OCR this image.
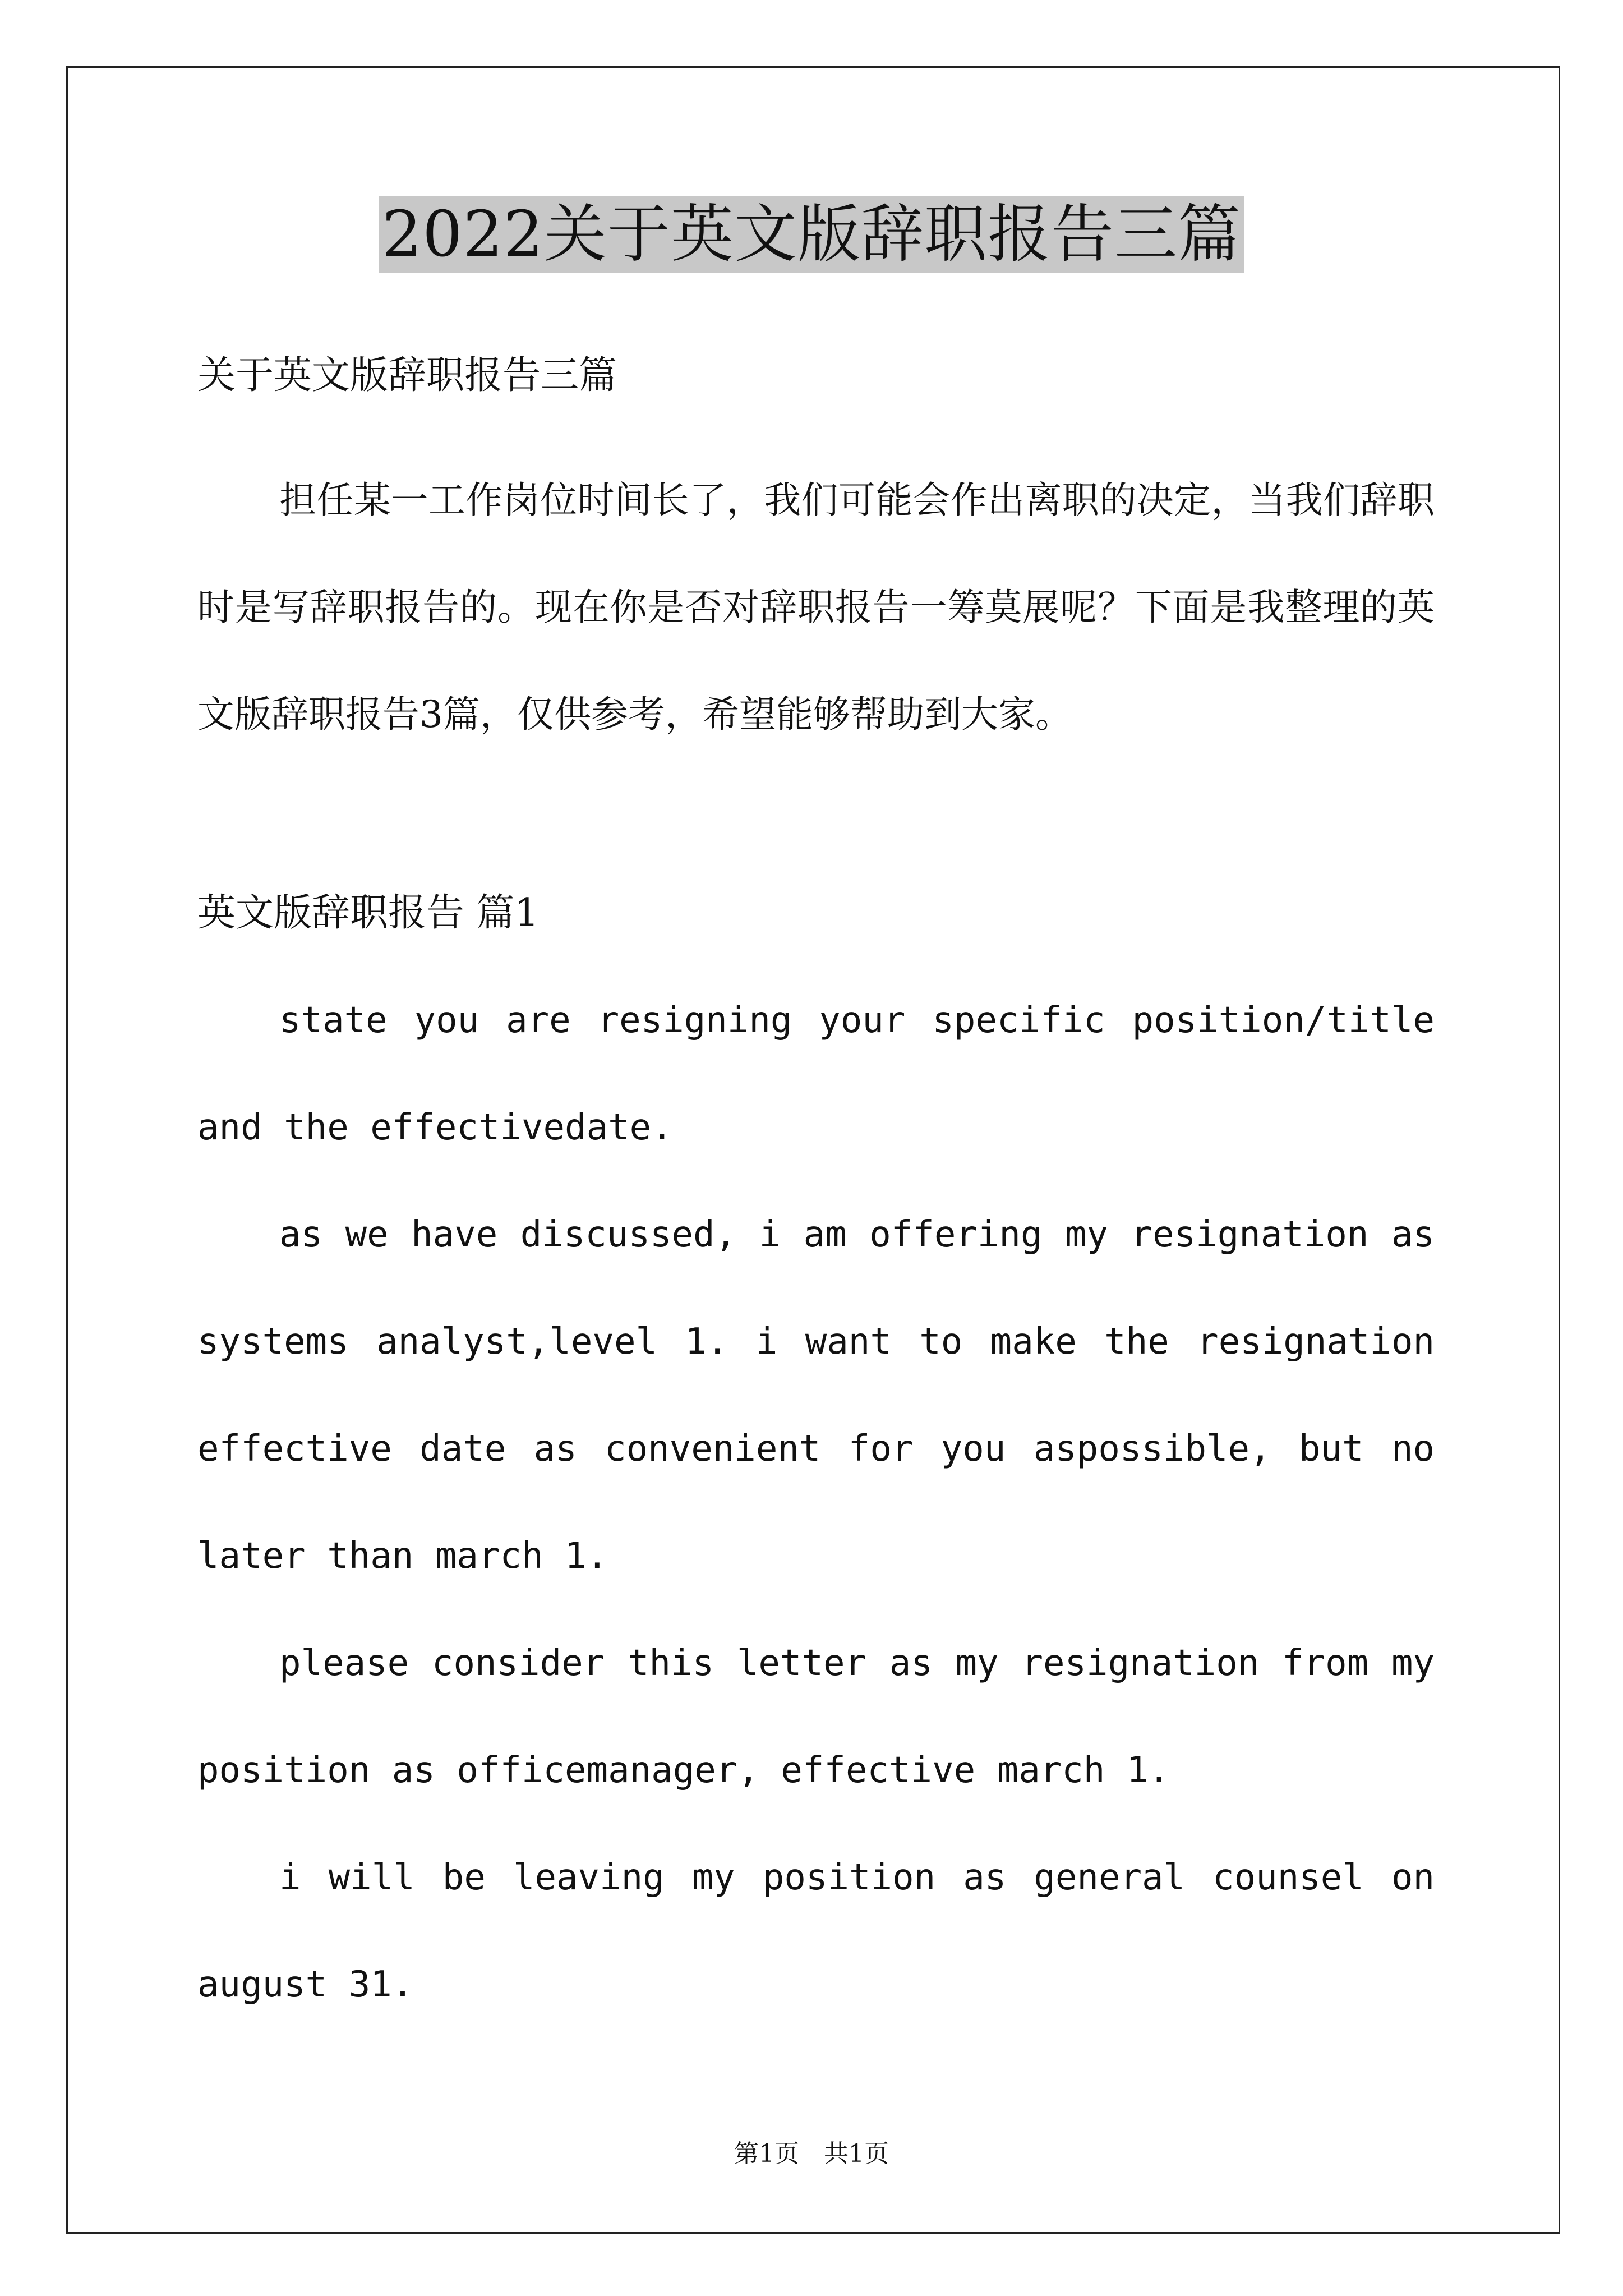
2022关于英文版辞职报告三篇
关于英文版辞职报告三篇

担任某一工作岗位时间长了，我们可能会作出离职的决定，当我们辞职时是写辞职报告的。现在你是否对辞职报告一筹莫展呢？下面是我整理的英文版辞职报告3篇，仅供参考，希望能够帮助到大家。

英文版辞职报告 篇1

state you are resigning your specific position/title and the effectivedate.

as we have discussed, i am offering my resignation as systems analyst,level 1. i want to make the resignation effective date as convenient for you aspossible, but no later than march 1.

please consider this letter as my resignation from my position as officemanager, effective march 1.

i will be leaving my position as general counsel on august 31.

第1页　共1页
